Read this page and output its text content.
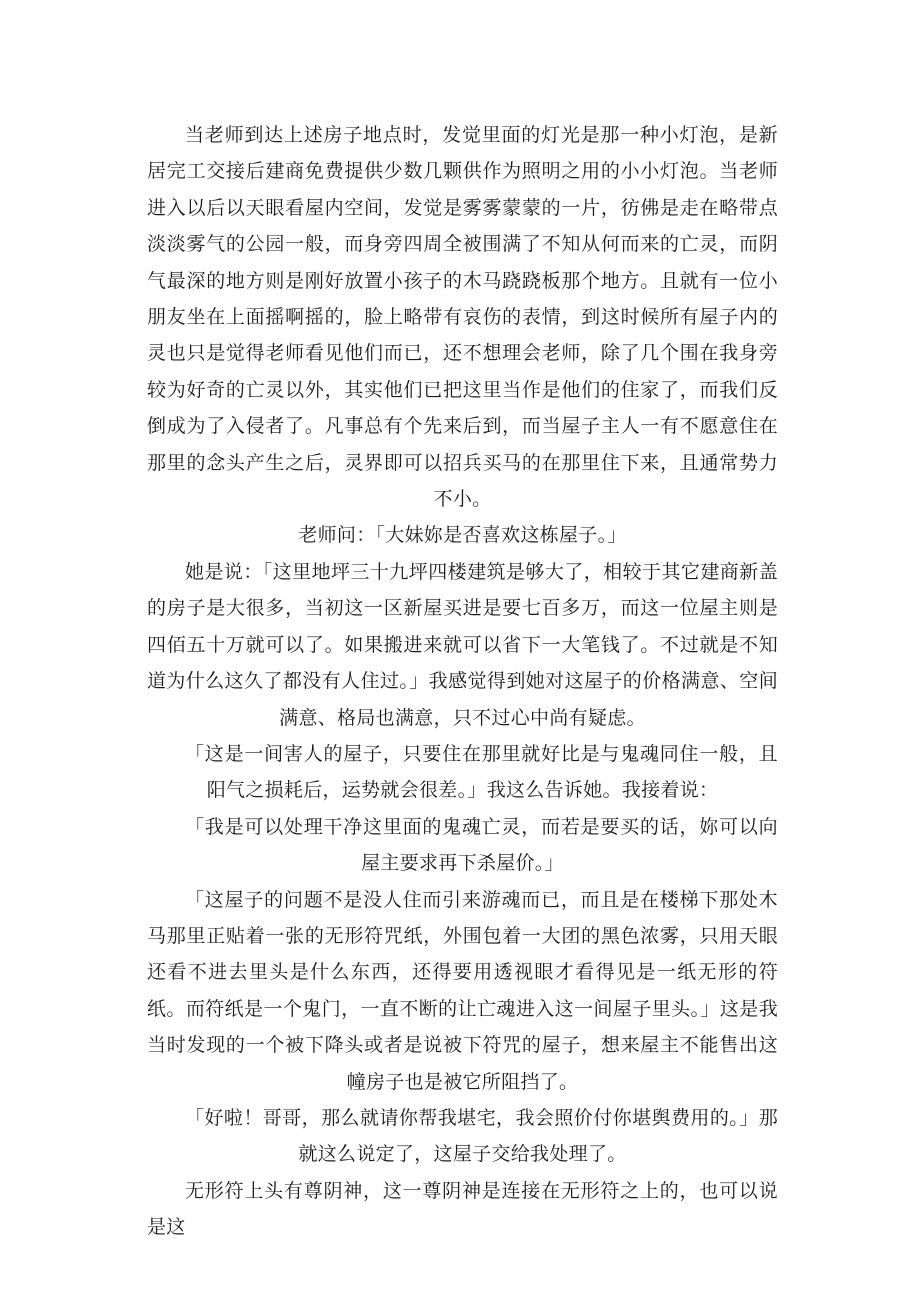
当老师到达上述房子地点时，发觉里面的灯光是那一种小灯泡，是新居完工交接后建商免费提供少数几颗供作为照明之用的小小灯泡。当老师进入以后以天眼看屋内空间，发觉是雾雾蒙蒙的一片，彷佛是走在略带点淡淡雾气的公园一般，而身旁四周全被围满了不知从何而来的亡灵，而阴气最深的地方则是刚好放置小孩子的木马跷跷板那个地方。且就有一位小朋友坐在上面摇啊摇的，脸上略带有哀伤的表情，到这时候所有屋子内的灵也只是觉得老师看见他们而已，还不想理会老师，除了几个围在我身旁较为好奇的亡灵以外，其实他们已把这里当作是他们的住家了，而我们反倒成为了入侵者了。凡事总有个先来后到，而当屋子主人一有不愿意住在那里的念头产生之后，灵界即可以招兵买马的在那里住下来，且通常势力不小。

老师问：「大妹妳是否喜欢这栋屋子。」

她是说：「这里地坪三十九坪四楼建筑是够大了，相较于其它建商新盖的房子是大很多，当初这一区新屋买进是要七百多万，而这一位屋主则是四佰五十万就可以了。如果搬进来就可以省下一大笔钱了。不过就是不知道为什么这久了都没有人住过。」我感觉得到她对这屋子的价格满意、空间满意、格局也满意，只不过心中尚有疑虑。

「这是一间害人的屋子，只要住在那里就好比是与鬼魂同住一般，且阳气之损耗后，运势就会很差。」我这么告诉她。我接着说：

「我是可以处理干净这里面的鬼魂亡灵，而若是要买的话，妳可以向屋主要求再下杀屋价。」

「这屋子的问题不是没人住而引来游魂而已，而且是在楼梯下那处木马那里正贴着一张的无形符咒纸，外围包着一大团的黑色浓雾，只用天眼还看不进去里头是什么东西，还得要用透视眼才看得见是一纸无形的符纸。而符纸是一个鬼门，一直不断的让亡魂进入这一间屋子里头。」这是我当时发现的一个被下降头或者是说被下符咒的屋子，想来屋主不能售出这幢房子也是被它所阻挡了。

「好啦！哥哥，那么就请你帮我堪宅，我会照价付你堪舆费用的。」那就这么说定了，这屋子交给我处理了。

无形符上头有尊阴神，这一尊阴神是连接在无形符之上的，也可以说是这
